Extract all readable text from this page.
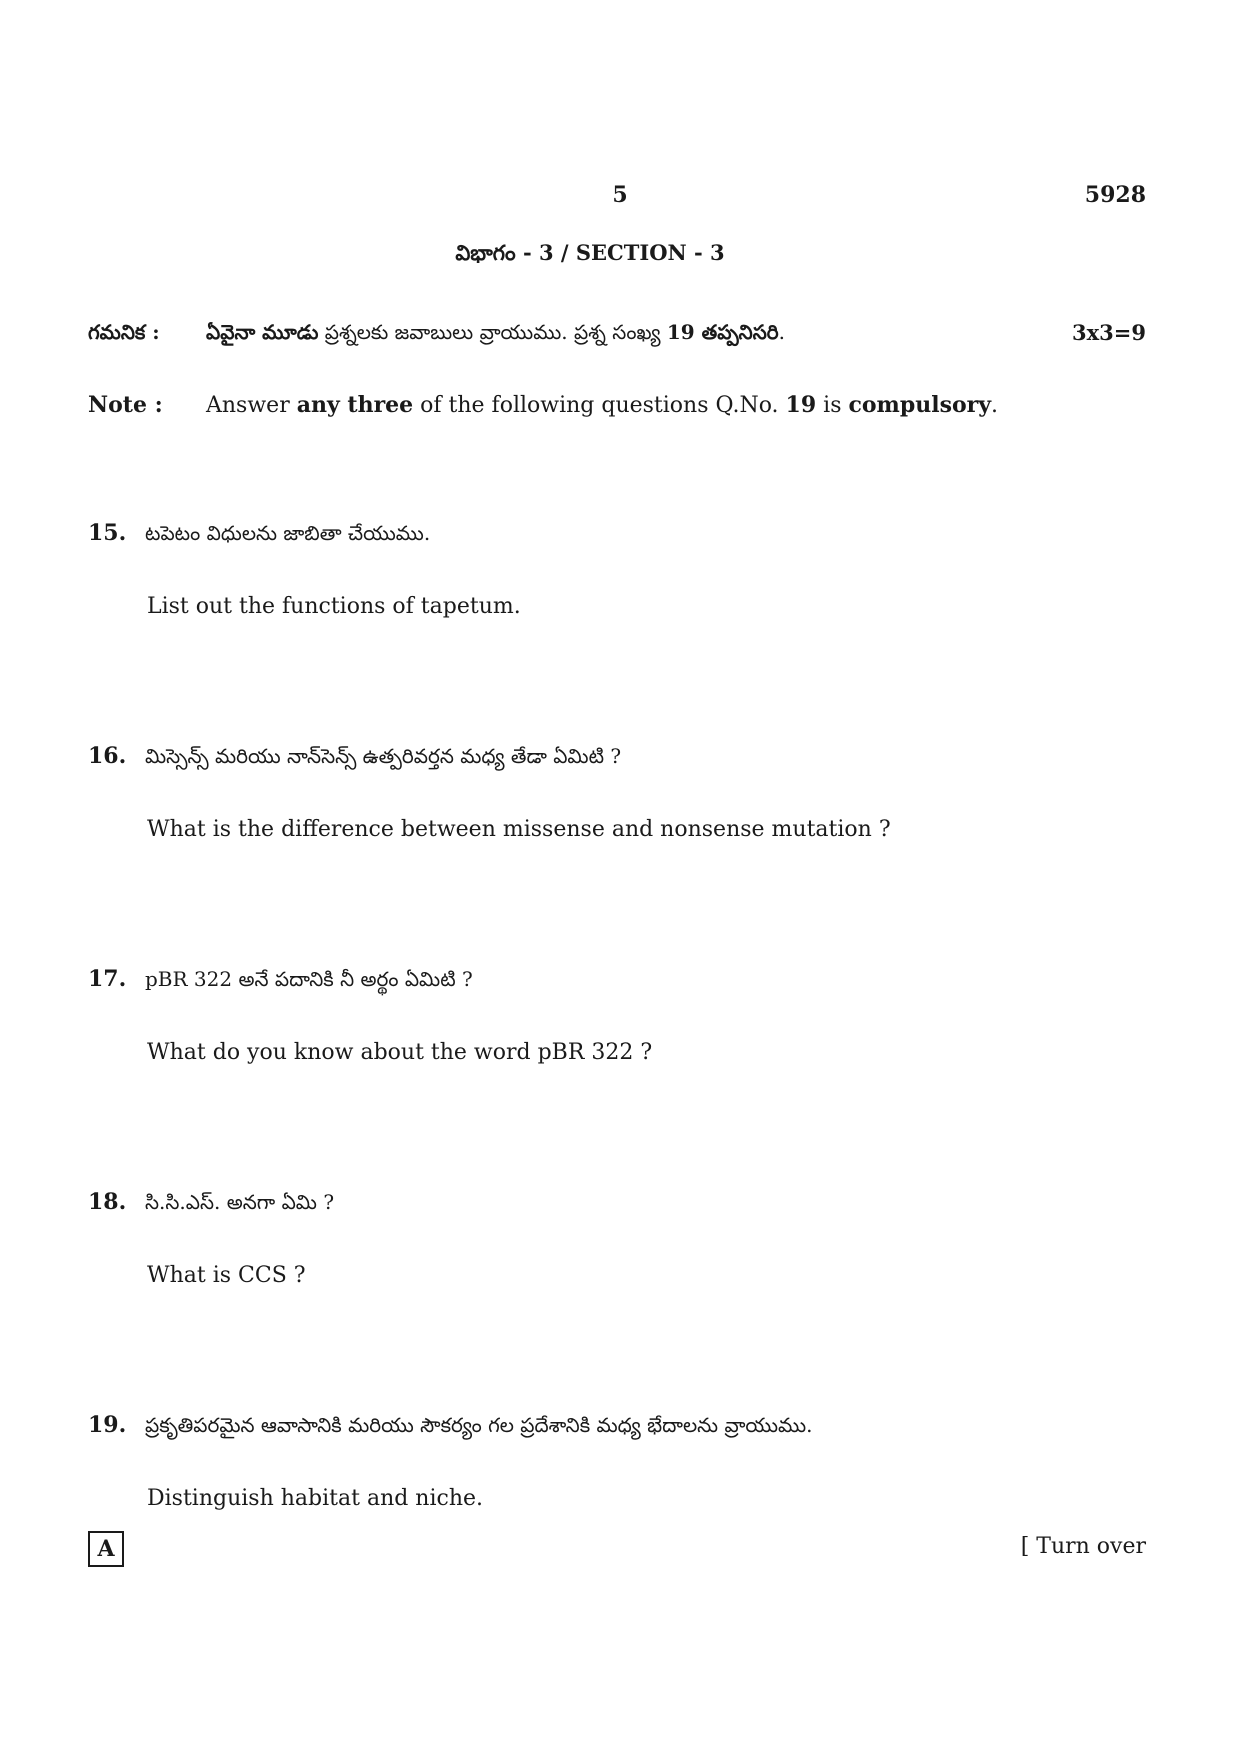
5	5928
విభాగం - 3 / SECTION - 3
గమనిక : ఏవైనా మూడు ప్రశ్నలకు జవాబులు వ్రాయుము. ప్రశ్న సంఖ్య 19 తప్పనిసరి.	3x3=9
Note : Answer any three of the following questions Q.No. 19 is compulsory.
15. టపెటం విధులను జాబితా చేయుము.
List out the functions of tapetum.
16. మిస్సెన్స్ మరియు నాన్‌సెన్స్ ఉత్పరివర్తన మధ్య తేడా ఏమిటి ?
What is the difference between missense and nonsense mutation ?
17. pBR 322 అనే పదానికి నీ అర్థం ఏమిటి ?
What do you know about the word pBR 322 ?
18. సి.సి.ఎస్. అనగా ఏమి ?
What is CCS ?
19. ప్రకృతిపరమైన ఆవాసానికి మరియు సౌకర్యం గల ప్రదేశానికి మధ్య భేదాలను వ్రాయుము.
Distinguish habitat and niche.
A	[ Turn over
